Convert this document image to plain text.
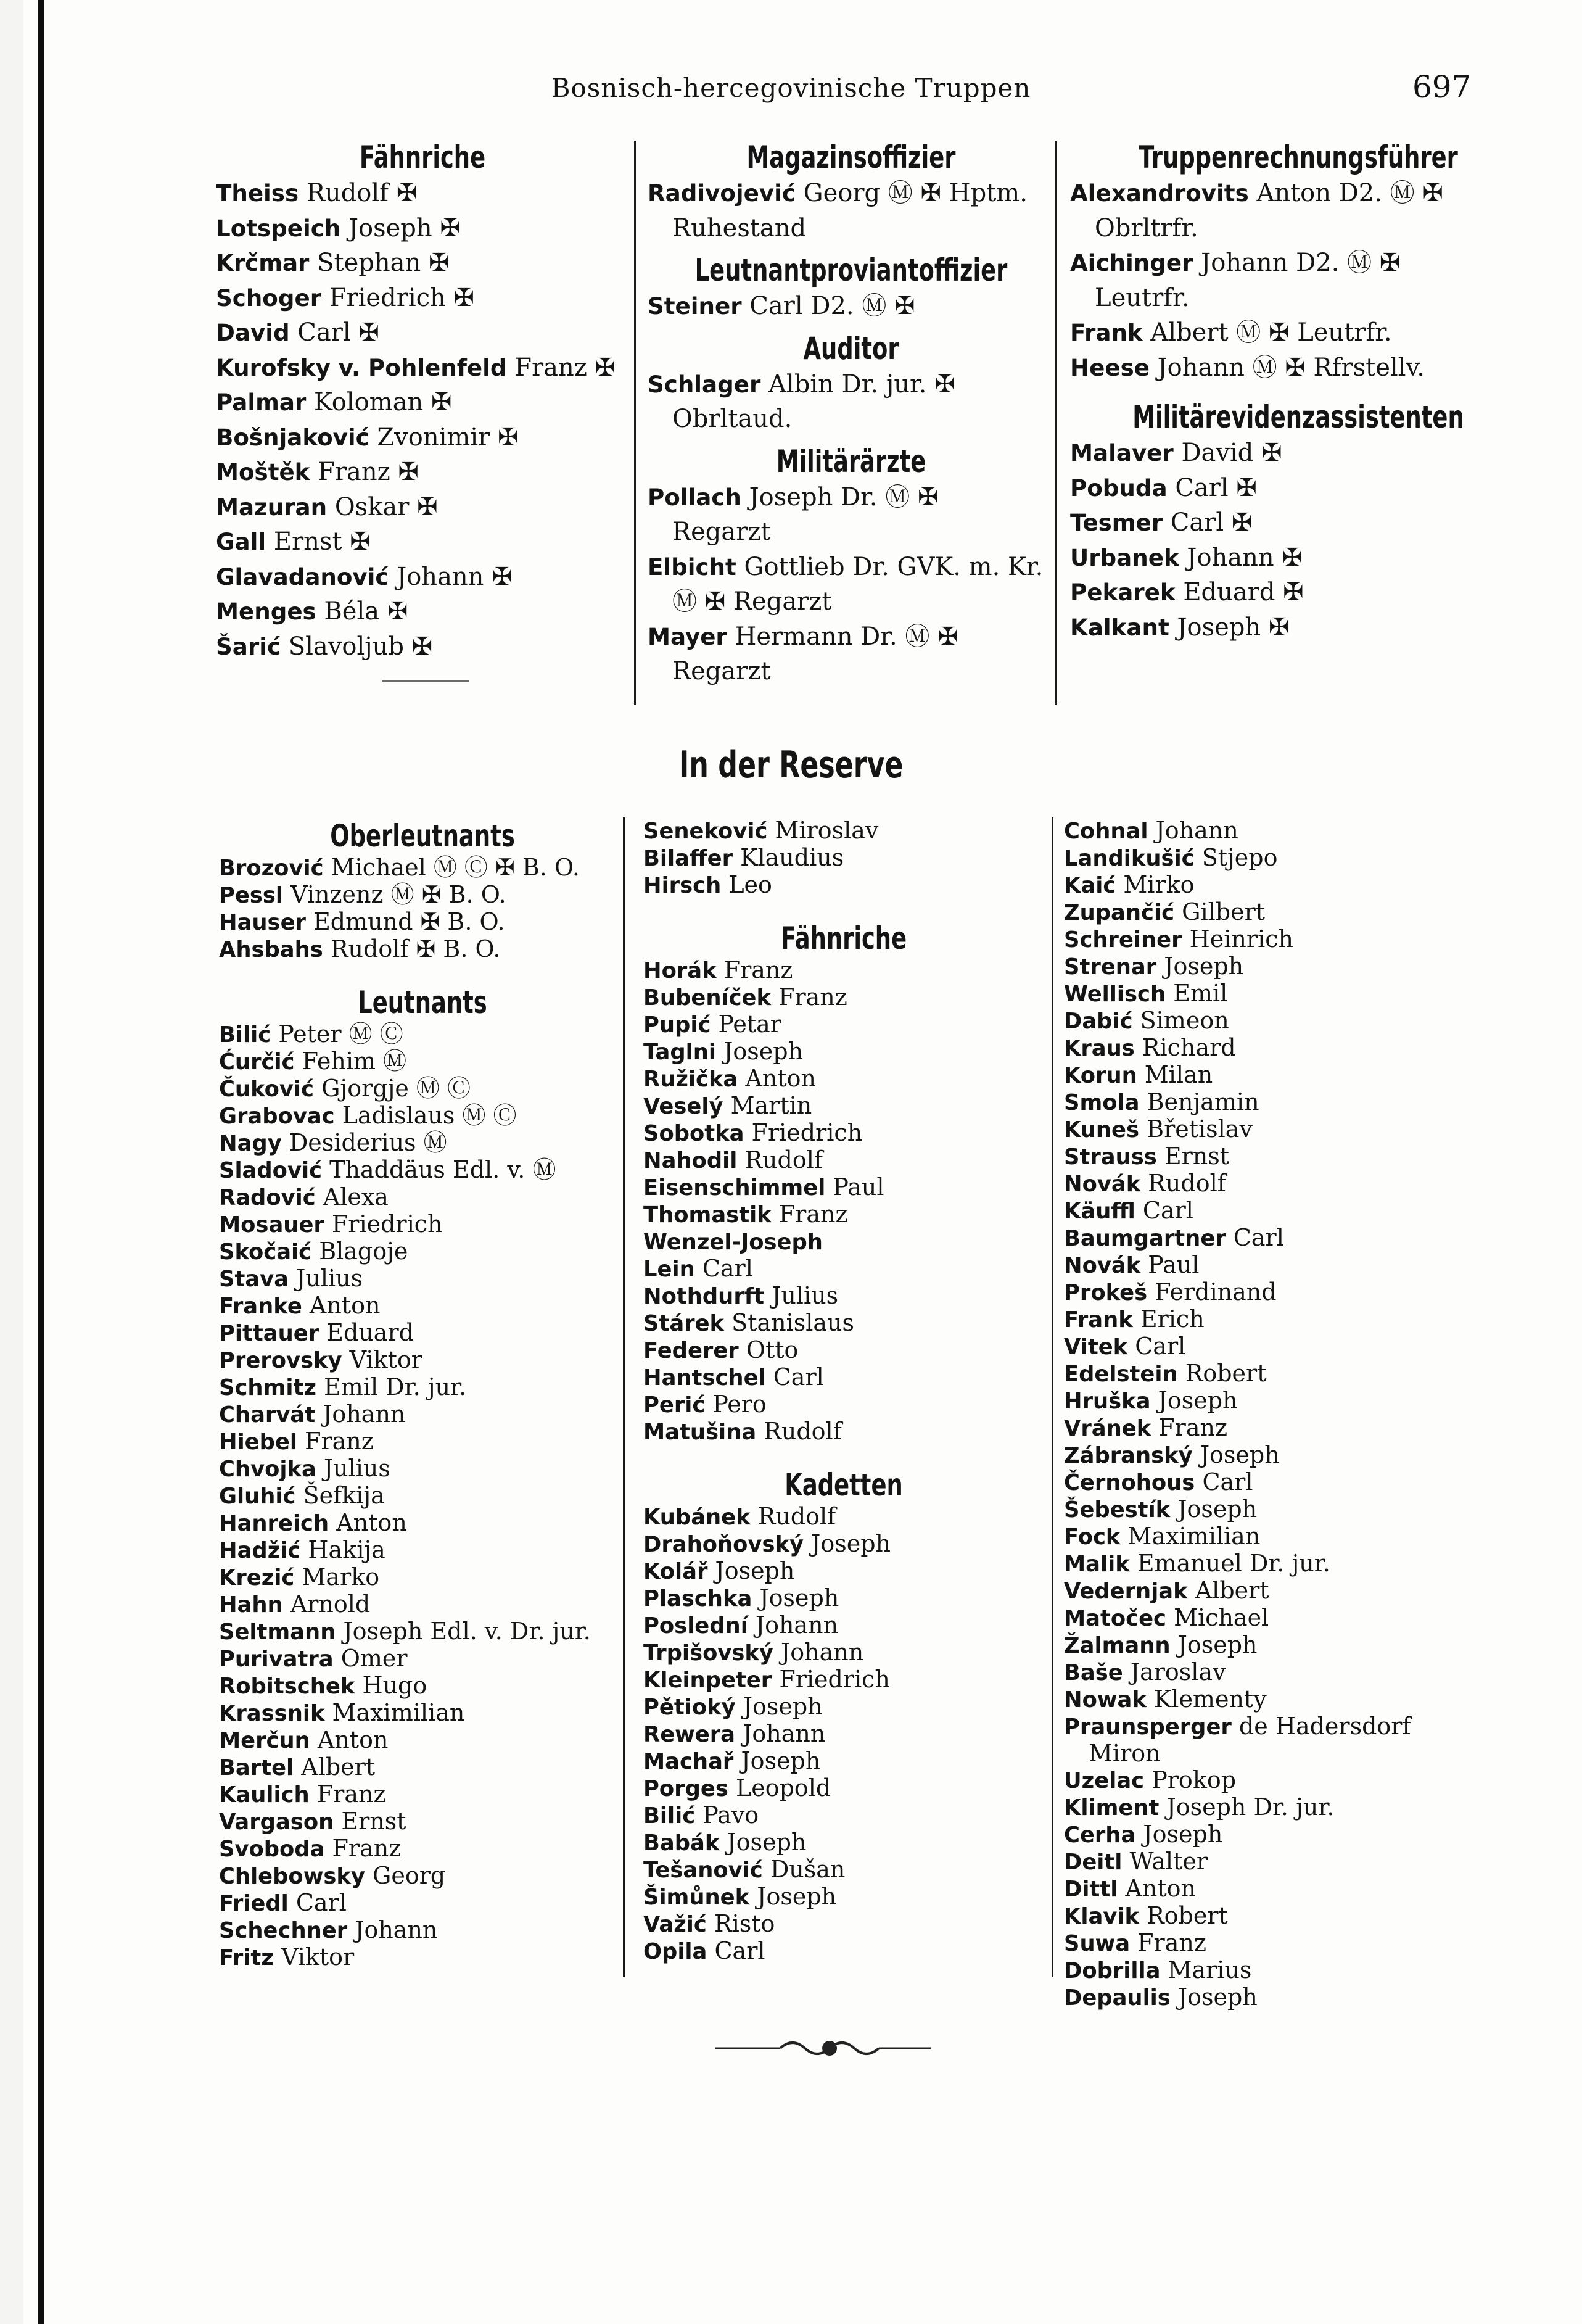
Bosnisch-hercegovinische Truppen	697
Fähnriche
Theiss Rudolf ✠
Lotspeich Joseph ✠
Krčmar Stephan ✠
Schoger Friedrich ✠
David Carl ✠
Kurofsky v. Pohlenfeld Franz ✠
Palmar Koloman ✠
Bošnjaković Zvonimir ✠
Moštěk Franz ✠
Mazuran Oskar ✠
Gall Ernst ✠
Glavadanović Johann ✠
Menges Béla ✠
Šarić Slavoljub ✠
Magazinsoffizier
Radivojević Georg Ⓜ ✠ Hptm.
Ruhestand
Leutnantproviantoffizier
Steiner Carl D2. Ⓜ ✠
Auditor
Schlager Albin Dr. jur. ✠
Obrltaud.
Militärärzte
Pollach Joseph Dr. Ⓜ ✠
Regarzt
Elbicht Gottlieb Dr. GVK. m. Kr.
Ⓜ ✠ Regarzt
Mayer Hermann Dr. Ⓜ ✠
Regarzt
Truppenrechnungsführer
Alexandrovits Anton D2. Ⓜ ✠
Obrltrfr.
Aichinger Johann D2. Ⓜ ✠
Leutrfr.
Frank Albert Ⓜ ✠ Leutrfr.
Heese Johann Ⓜ ✠ Rfrstellv.
Militärevidenzassistenten
Malaver David ✠
Pobuda Carl ✠
Tesmer Carl ✠
Urbanek Johann ✠
Pekarek Eduard ✠
Kalkant Joseph ✠
In der Reserve
Oberleutnants
Brozović Michael Ⓜ Ⓒ ✠ B. O.
Pessl Vinzenz Ⓜ ✠ B. O.
Hauser Edmund ✠ B. O.
Ahsbahs Rudolf ✠ B. O.
Leutnants
Bilić Peter Ⓜ Ⓒ
Ćurčić Fehim Ⓜ
Čuković Gjorgje Ⓜ Ⓒ
Grabovac Ladislaus Ⓜ Ⓒ
Nagy Desiderius Ⓜ
Sladović Thaddäus Edl. v. Ⓜ
Radović Alexa
Mosauer Friedrich
Skočaić Blagoje
Stava Julius
Franke Anton
Pittauer Eduard
Prerovsky Viktor
Schmitz Emil Dr. jur.
Charvát Johann
Hiebel Franz
Chvojka Julius
Gluhić Šefkija
Hanreich Anton
Hadžić Hakija
Krezić Marko
Hahn Arnold
Seltmann Joseph Edl. v. Dr. jur.
Purivatra Omer
Robitschek Hugo
Krassnik Maximilian
Merčun Anton
Bartel Albert
Kaulich Franz
Vargason Ernst
Svoboda Franz
Chlebowsky Georg
Friedl Carl
Schechner Johann
Fritz Viktor
Seneković Miroslav
Bilaffer Klaudius
Hirsch Leo
Fähnriche
Horák Franz
Bubeníček Franz
Pupić Petar
Taglni Joseph
Ružička Anton
Veselý Martin
Sobotka Friedrich
Nahodil Rudolf
Eisenschimmel Paul
Thomastik Franz
Wenzel-Joseph
Lein Carl
Nothdurft Julius
Stárek Stanislaus
Federer Otto
Hantschel Carl
Perić Pero
Matušina Rudolf
Kadetten
Kubánek Rudolf
Drahoňovský Joseph
Kolář Joseph
Plaschka Joseph
Poslední Johann
Trpišovský Johann
Kleinpeter Friedrich
Pětioký Joseph
Rewera Johann
Machař Joseph
Porges Leopold
Bilić Pavo
Babák Joseph
Tešanović Dušan
Šimůnek Joseph
Važić Risto
Opila Carl
Cohnal Johann
Landikušić Stjepo
Kaić Mirko
Zupančić Gilbert
Schreiner Heinrich
Strenar Joseph
Wellisch Emil
Dabić Simeon
Kraus Richard
Korun Milan
Smola Benjamin
Kuneš Břetislav
Strauss Ernst
Novák Rudolf
Käuffl Carl
Baumgartner Carl
Novák Paul
Prokeš Ferdinand
Frank Erich
Vitek Carl
Edelstein Robert
Hruška Joseph
Vránek Franz
Zábranský Joseph
Černohous Carl
Šebestík Joseph
Fock Maximilian
Malik Emanuel Dr. jur.
Vedernjak Albert
Matočec Michael
Žalmann Joseph
Baše Jaroslav
Nowak Klementy
Praunsperger de Hadersdorf
Miron
Uzelac Prokop
Kliment Joseph Dr. jur.
Cerha Joseph
Deitl Walter
Dittl Anton
Klavik Robert
Suwa Franz
Dobrilla Marius
Depaulis Joseph
